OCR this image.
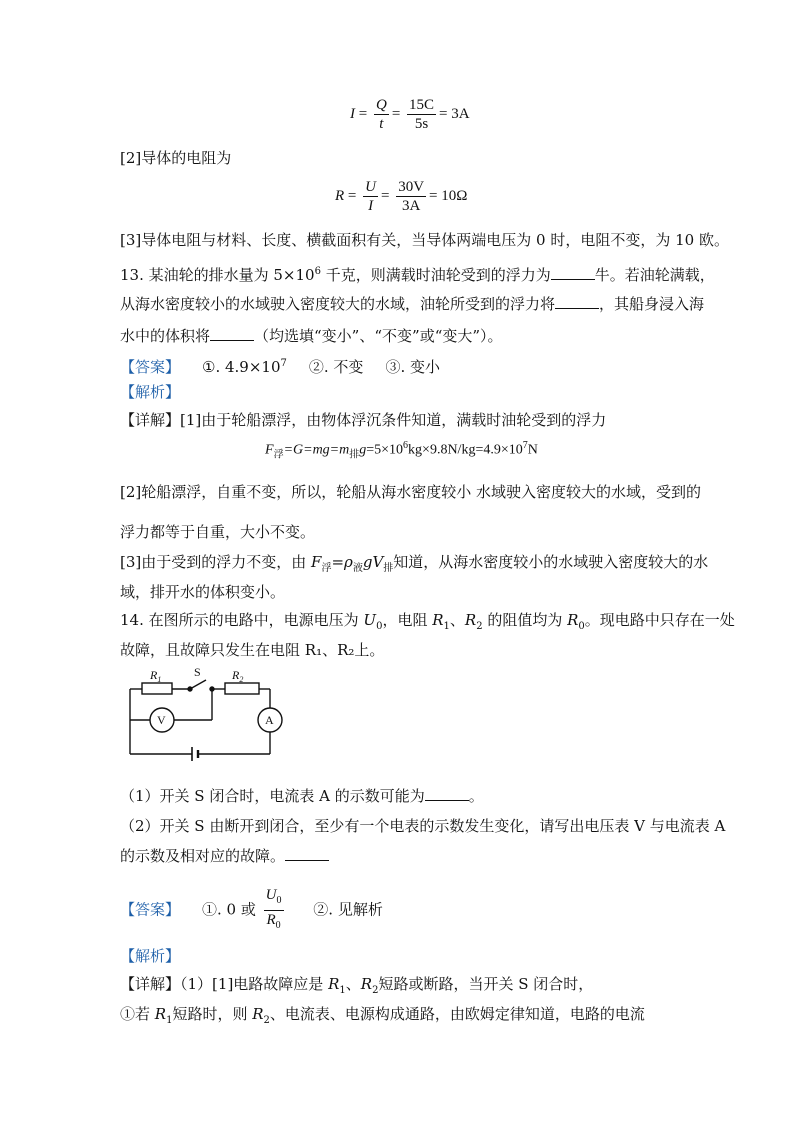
$I = \frac{Q}{t} = \frac{15C}{5s} = 3A$
[2]导体的电阻为
$R = \frac{U}{I} = \frac{30V}{3A} = 10\Omega$
[3]导体电阻与材料、长度、横截面积有关，当导体两端电压为 0 时，电阻不变，为 10 欧。
13. 某油轮的排水量为 $5\times 10^6$ 千克，则满载时油轮受到的浮力为	牛。若油轮满载，
从海水密度较小的水域驶入密度较大的水域，油轮所受到的浮力将	，其船身浸入海
水中的体积将	（均选填“变小”、“不变”或“变大”）。
【答案】 ①. $4.9\times 10^7$ ②. 不变 ③. 变小
【解析】
【详解】[1]由于轮船漂浮，由物体浮沉条件知道，满载时油轮受到的浮力
$F_浮=G=mg=m_排g=5\times 10^6kg\times 9.8N/kg=4.9\times 10^7N$
[2]轮船漂浮，自重不变，所以，轮船从海水密度较小 水域驶入密度较大的水域，受到的
浮力都等于自重，大小不变。
[3]由于受到的浮力不变，由 $F_浮=\rho_液gV_排$知道，从海水密度较小的水域驶入密度较大的水
域，排开水的体积变小。
14. 在图所示的电路中，电源电压为 $U_0$，电阻 $R_1$、$R_2$ 的阻值均为 $R_0$。现电路中只存在一处
故障，且故障只发生在电阻 R₁、R₂上。
$R_1$
S	$R_2$
V	A
（1）开关 S 闭合时，电流表 A 的示数可能为	。
（2）开关 S 由断开到闭合，至少有一个电表的示数发生变化，请写出电压表 V 与电流表 A
的示数及相对应的故障。
【答案】 ①. 0 或 $\frac{U_0}{R_0}$ ②. 见解析
【解析】
【详解】（1）[1]电路故障应是 $R_1$、$R_2$短路或断路，当开关 S 闭合时，
①若 $R_1$短路时，则 $R_2$、电流表、电源构成通路，由欧姆定律知道，电路的电流
